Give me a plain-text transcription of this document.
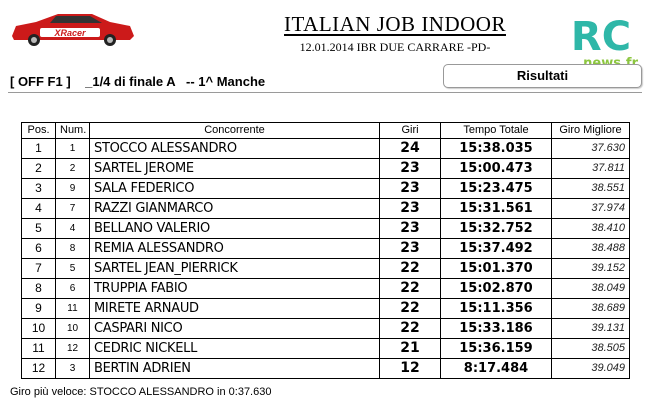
XRacer	ITALIAN JOB INDOOR
12.01.2014 IBR DUE CARRARE -PD-	RC
[ OFF F1 ]    _1/4 di finale A   -- 1^ Manche	Risultati
Pos.	Num.	Concorrente	Giri	Tempo Totale	Giro Migliore
1	1	STOCCO ALESSANDRO	24	15:38.035	37.630
2	2	SARTEL JEROME	23	15:00.473	37.811
3	9	SALA FEDERICO	23	15:23.475	38.551
4	7	RAZZI GIANMARCO	23	15:31.561	37.974
5	4	BELLANO VALERIO	23	15:32.752	38.410
6	8	REMIA ALESSANDRO	23	15:37.492	38.488
7	5	SARTEL JEAN_PIERRICK	22	15:01.370	39.152
8	6	TRUPPIA FABIO	22	15:02.870	38.049
9	11	MIRETE ARNAUD	22	15:11.356	38.689
10	10	CASPARI NICO	22	15:33.186	39.131
11	12	CEDRIC NICKELL	21	15:36.159	38.505
12	3	BERTIN ADRIEN	12	8:17.484	39.049
Giro più veloce: STOCCO ALESSANDRO in 0:37.630
